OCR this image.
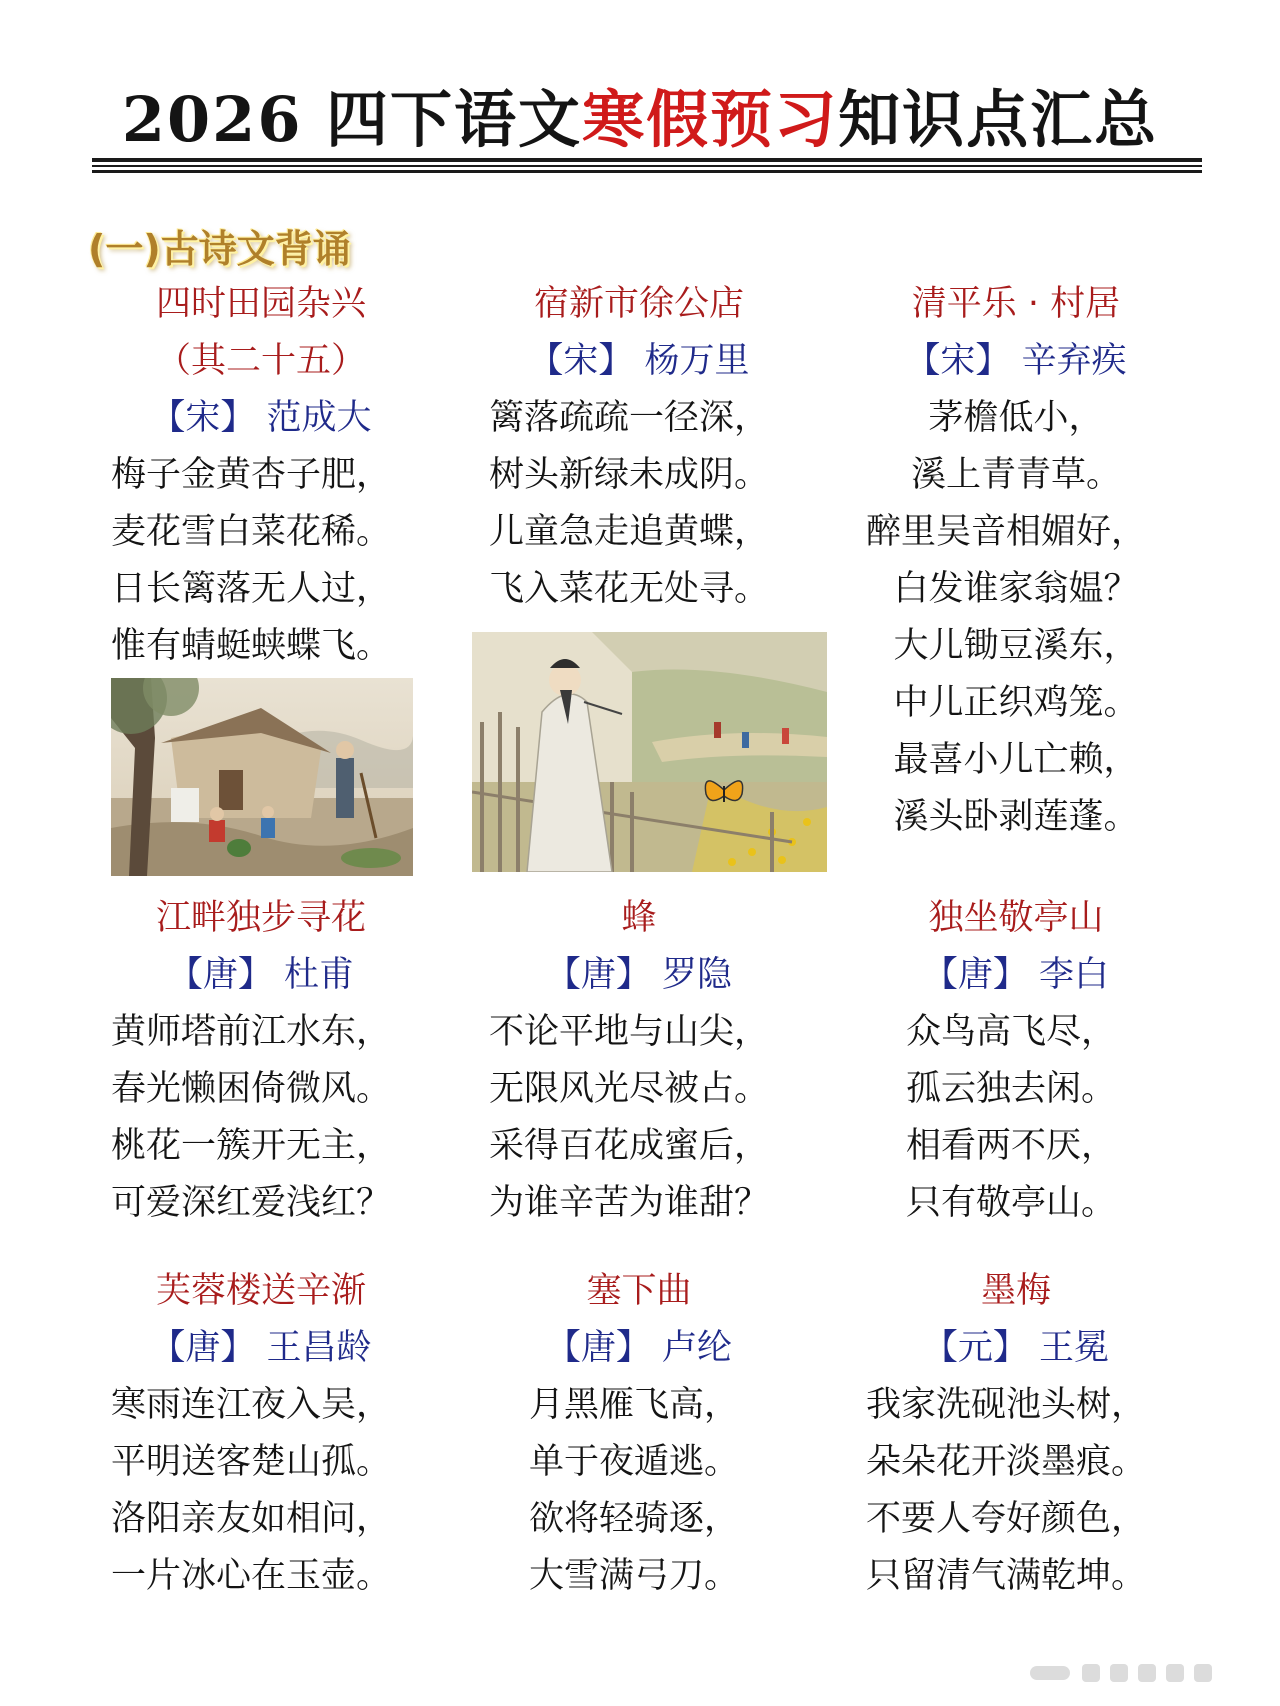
2026 四下语文寒假预习知识点汇总
(一)古诗文背诵
四时田园杂兴
（其二十五）
【宋】 范成大
梅子金黄杏子肥，
麦花雪白菜花稀。
日长篱落无人过，
惟有蜻蜓蛱蝶飞。
宿新市徐公店
【宋】 杨万里
篱落疏疏一径深，
树头新绿未成阴。
儿童急走追黄蝶，
飞入菜花无处寻。
清平乐 · 村居
【宋】 辛弃疾
茅檐低小，
溪上青青草。
醉里吴音相媚好，
白发谁家翁媪？
大儿锄豆溪东，
中儿正织鸡笼。
最喜小儿亡赖，
溪头卧剥莲蓬。
江畔独步寻花
【唐】 杜甫
黄师塔前江水东，
春光懒困倚微风。
桃花一簇开无主，
可爱深红爱浅红？
蜂
【唐】 罗隐
不论平地与山尖，
无限风光尽被占。
采得百花成蜜后，
为谁辛苦为谁甜？
独坐敬亭山
【唐】 李白
众鸟高飞尽，
孤云独去闲。
相看两不厌，
只有敬亭山。
芙蓉楼送辛渐
【唐】 王昌龄
寒雨连江夜入吴，
平明送客楚山孤。
洛阳亲友如相问，
一片冰心在玉壶。
塞下曲
【唐】 卢纶
月黑雁飞高，
单于夜遁逃。
欲将轻骑逐，
大雪满弓刀。
墨梅
【元】 王冕
我家洗砚池头树，
朵朵花开淡墨痕。
不要人夸好颜色，
只留清气满乾坤。
